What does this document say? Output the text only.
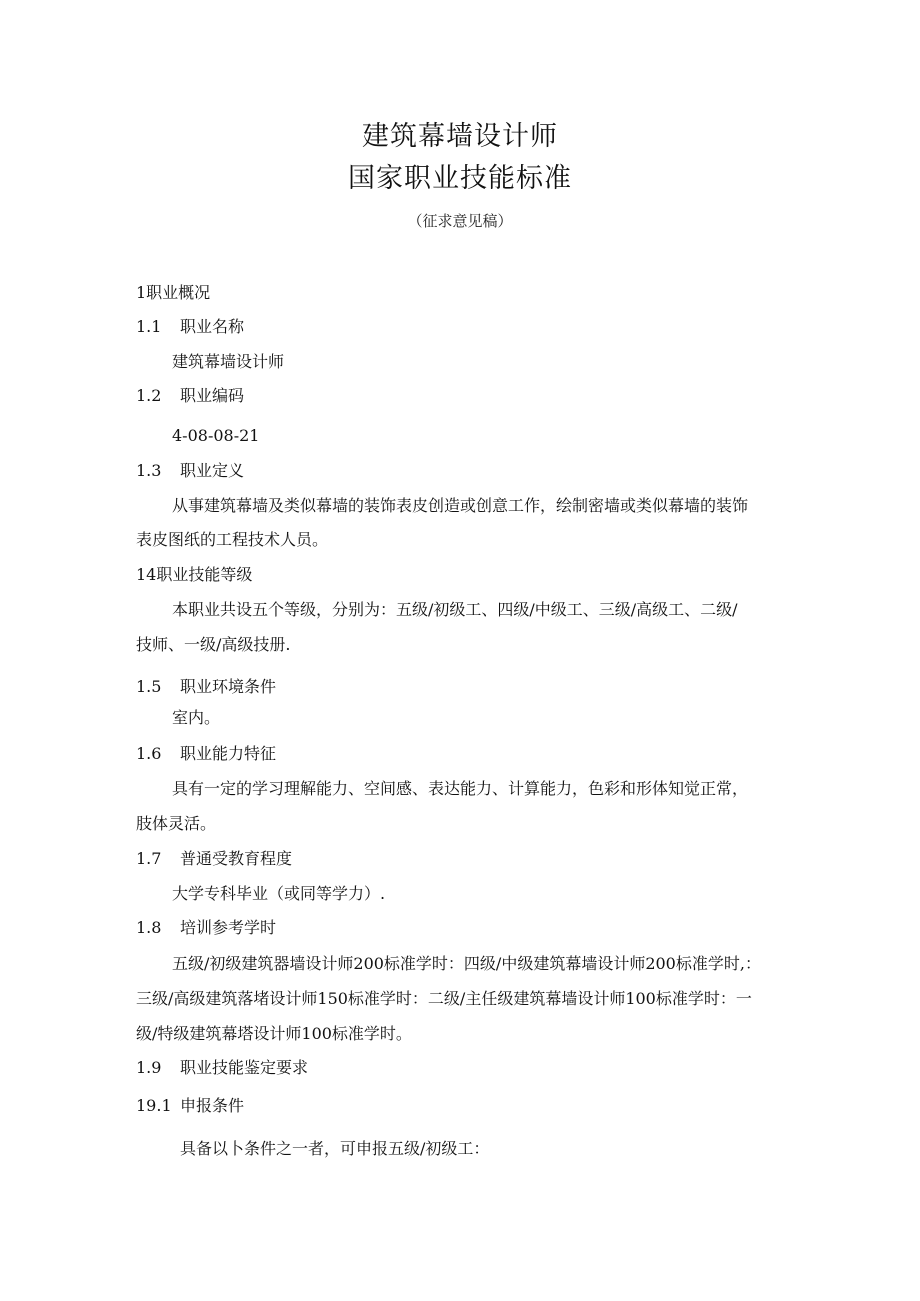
建筑幕墙设计师
国家职业技能标准
（征求意见稿）
1职业概况
1.1 职业名称
建筑幕墙设计师
1.2 职业编码
4-08-08-21
1.3 职业定义
从事建筑幕墙及类似幕墙的装饰表皮创造或创意工作，绘制密墙或类似幕墙的装饰
表皮图纸的工程技术人员。
14职业技能等级
本职业共设五个等级，分别为：五级/初级工、四级/中级工、三级/高级工、二级/
技师、一级/高级技册.
1.5 职业环境条件
室内。
1.6 职业能力特征
具有一定的学习理解能力、空间感、表达能力、计算能力，色彩和形体知觉正常，
肢体灵活。
1.7 普通受教育程度
大学专科毕业（或同等学力）.
1.8 培训参考学时
五级/初级建筑器墙设计师200标准学时：四级/中级建筑幕墙设计师200标准学时,：
三级/高级建筑落堵设计师150标准学时：二级/主任级建筑幕墙设计师100标准学时：一
级/特级建筑幕塔设计师100标准学时。
1.9 职业技能鉴定要求
19.1 申报条件
具备以卜条件之一者，可申报五级/初级工：
